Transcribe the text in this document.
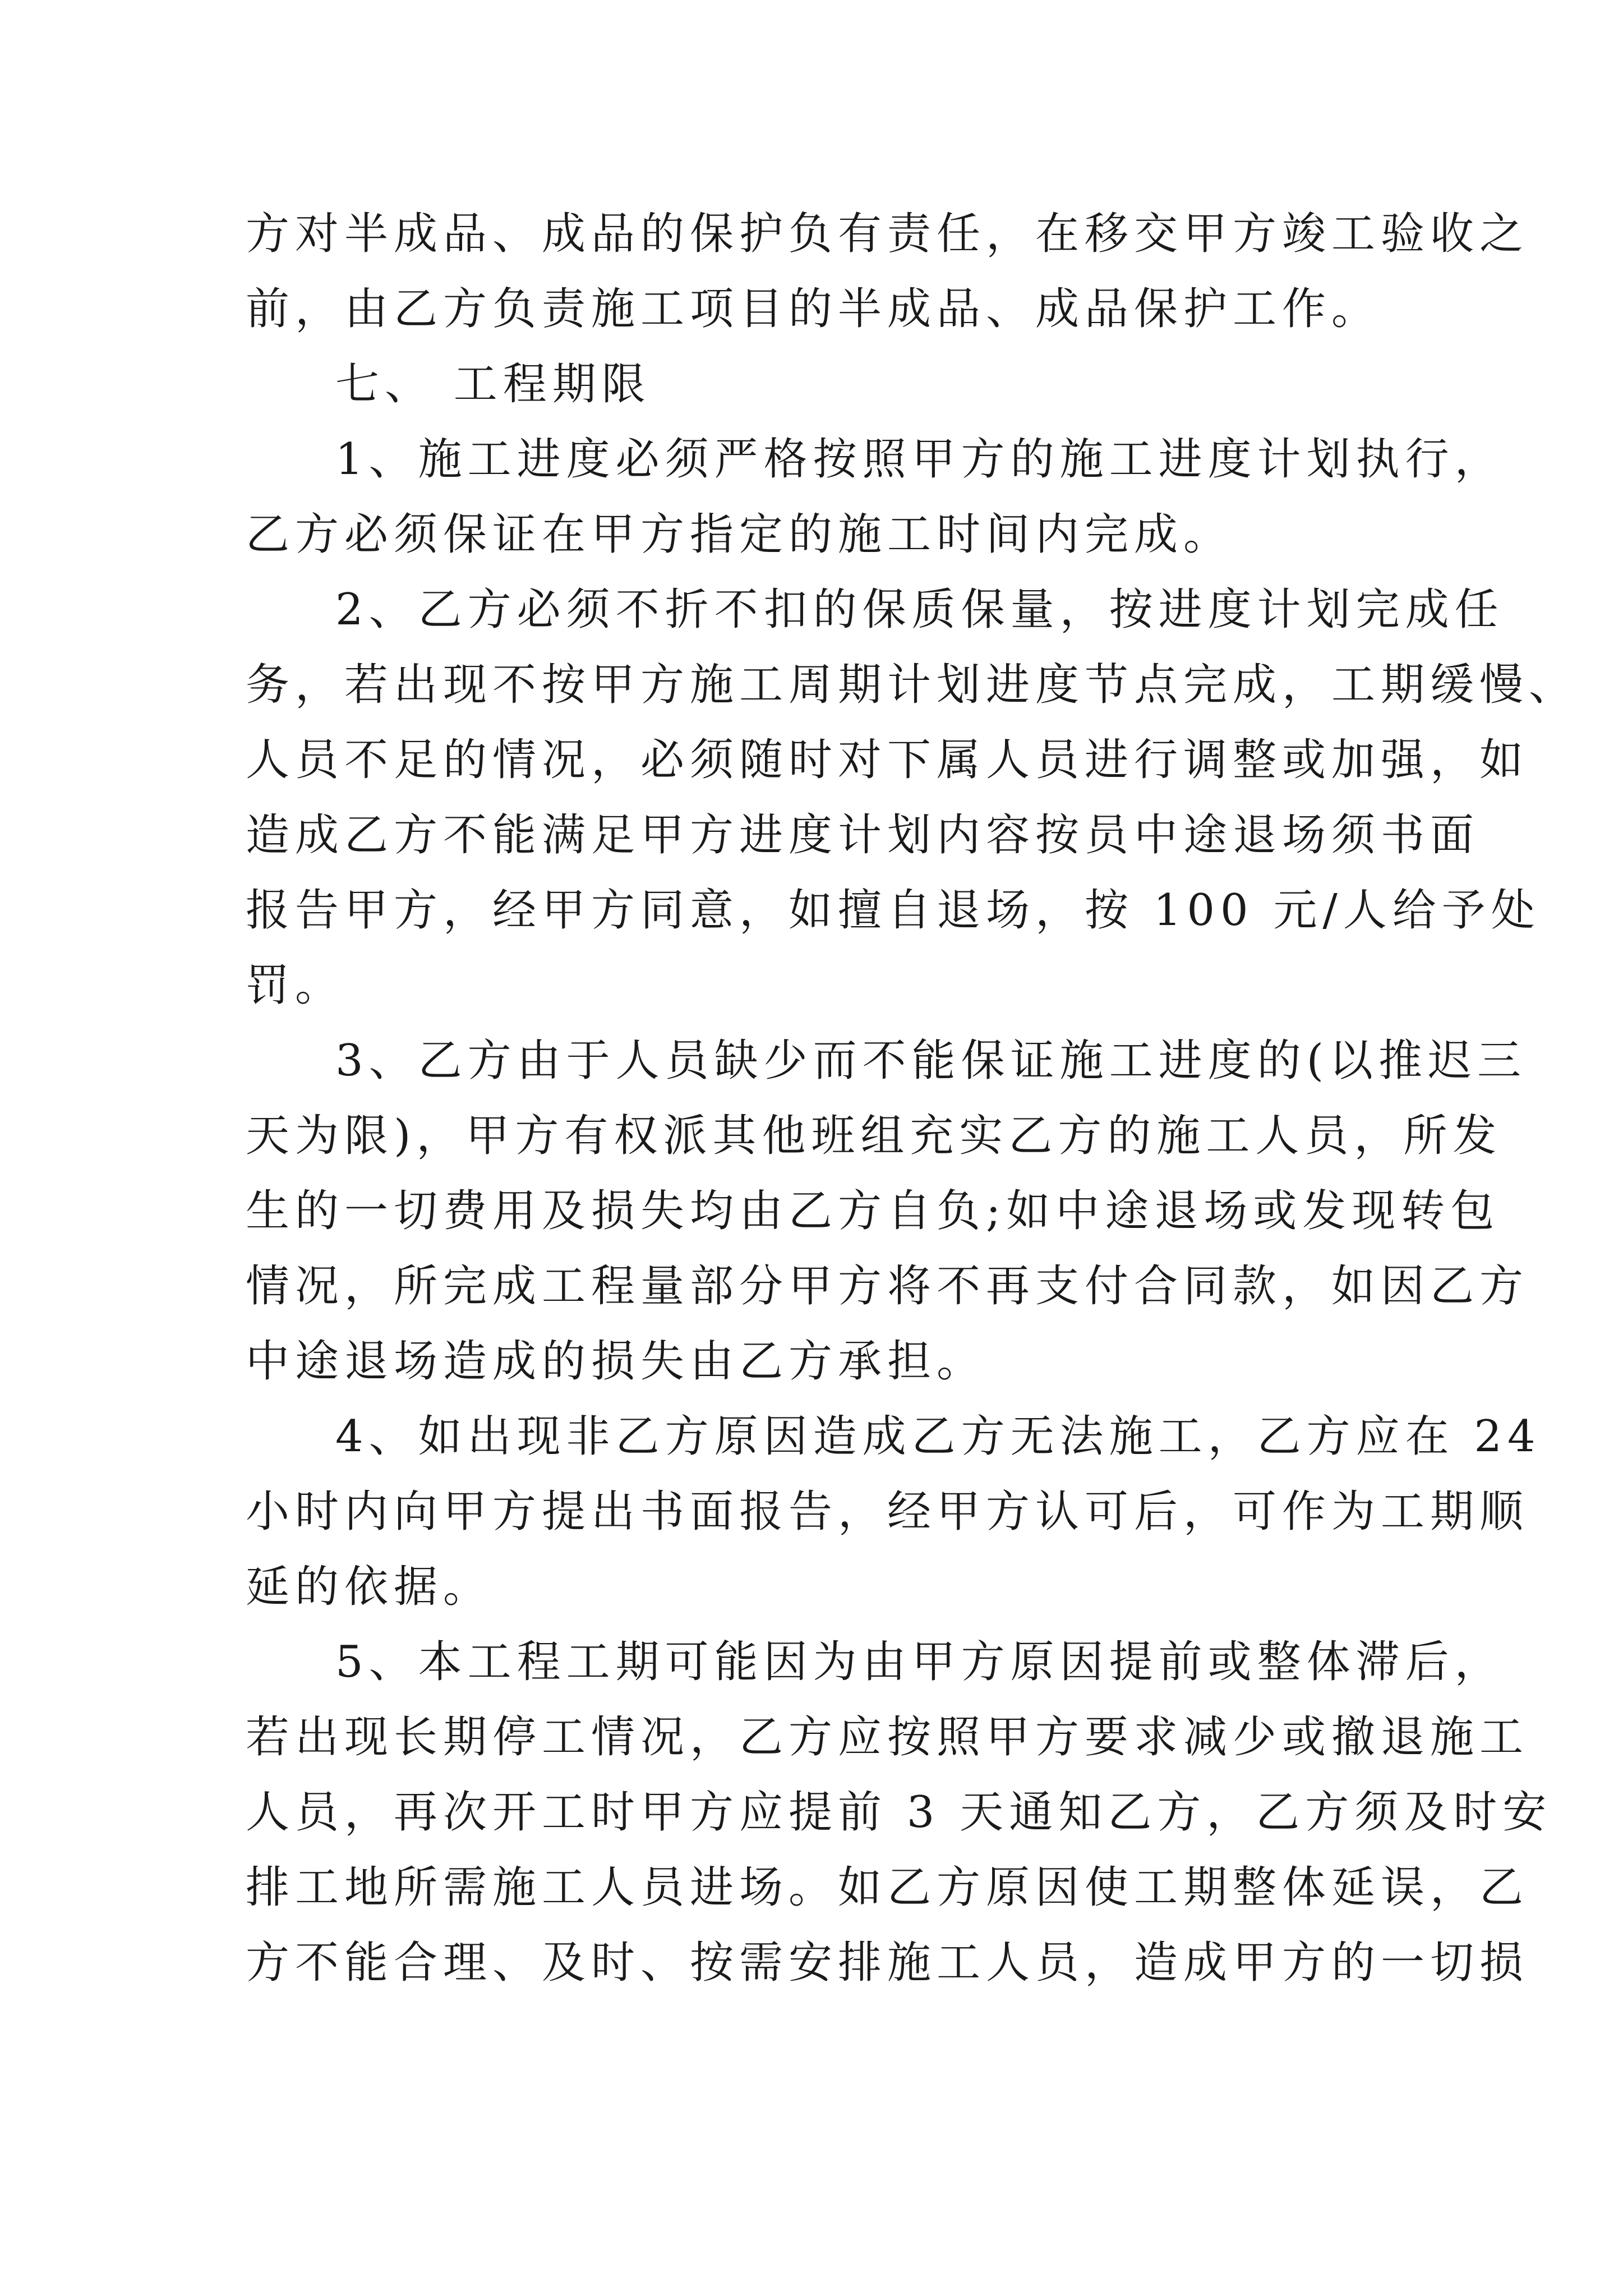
方对半成品、成品的保护负有责任，在移交甲方竣工验收之
前，由乙方负责施工项目的半成品、成品保护工作。

七、 工程期限

1、施工进度必须严格按照甲方的施工进度计划执行，
乙方必须保证在甲方指定的施工时间内完成。

2、乙方必须不折不扣的保质保量，按进度计划完成任
务，若出现不按甲方施工周期计划进度节点完成，工期缓慢、
人员不足的情况，必须随时对下属人员进行调整或加强，如
造成乙方不能满足甲方进度计划内容按员中途退场须书面
报告甲方，经甲方同意，如擅自退场，按 100 元/人给予处
罚。

3、乙方由于人员缺少而不能保证施工进度的(以推迟三
天为限)，甲方有权派其他班组充实乙方的施工人员，所发
生的一切费用及损失均由乙方自负;如中途退场或发现转包
情况，所完成工程量部分甲方将不再支付合同款，如因乙方
中途退场造成的损失由乙方承担。

4、如出现非乙方原因造成乙方无法施工，乙方应在 24
小时内向甲方提出书面报告，经甲方认可后，可作为工期顺
延的依据。

5、本工程工期可能因为由甲方原因提前或整体滞后，
若出现长期停工情况，乙方应按照甲方要求减少或撤退施工
人员，再次开工时甲方应提前 3 天通知乙方，乙方须及时安
排工地所需施工人员进场。如乙方原因使工期整体延误，乙
方不能合理、及时、按需安排施工人员，造成甲方的一切损
